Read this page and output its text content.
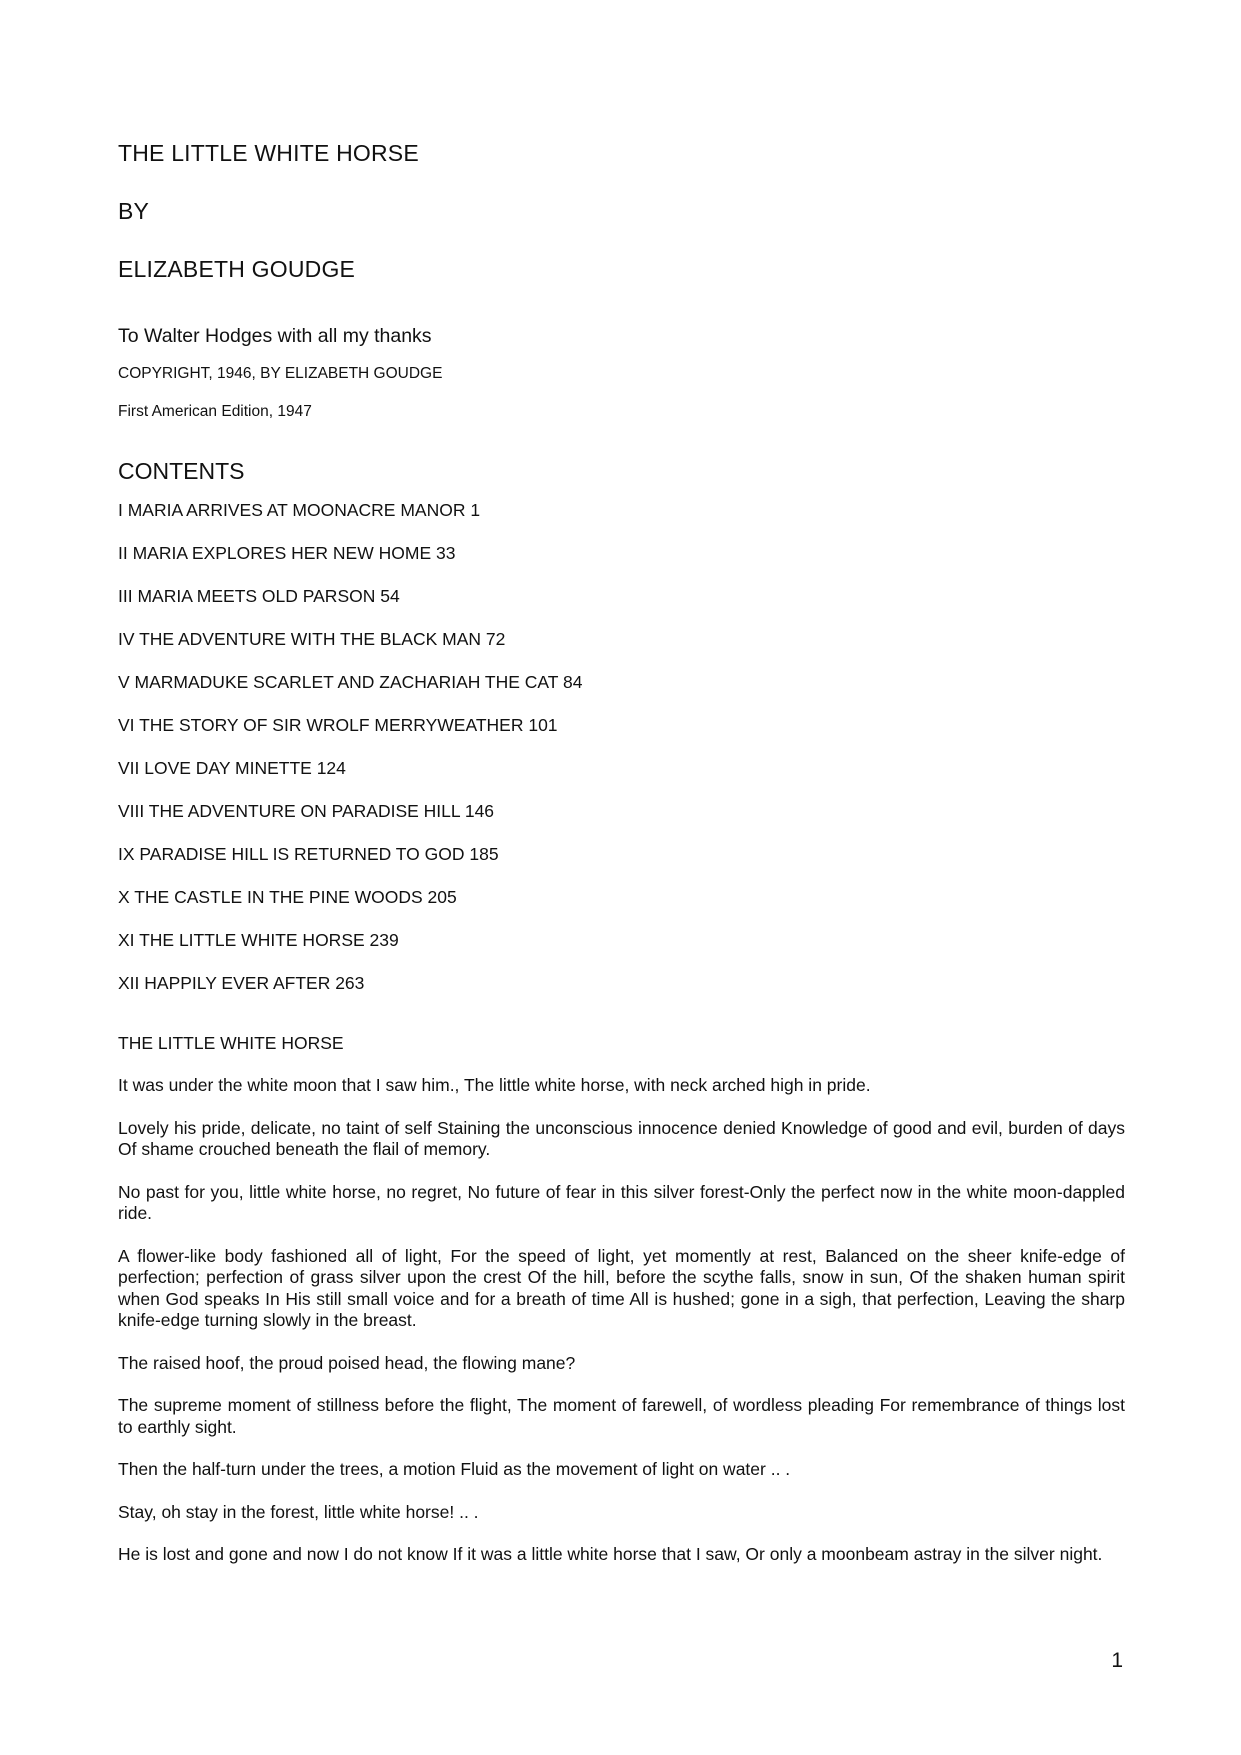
THE LITTLE WHITE HORSE
BY
ELIZABETH GOUDGE
To Walter Hodges with all my thanks
COPYRIGHT, 1946, BY ELIZABETH GOUDGE
First American Edition, 1947
CONTENTS
I MARIA ARRIVES AT MOONACRE MANOR 1
II MARIA EXPLORES HER NEW HOME 33
III MARIA MEETS OLD PARSON 54
IV THE ADVENTURE WITH THE BLACK MAN 72
V MARMADUKE SCARLET AND ZACHARIAH THE CAT 84
VI THE STORY OF SIR WROLF MERRYWEATHER 101
VII LOVE DAY MINETTE 124
VIII THE ADVENTURE ON PARADISE HILL 146
IX PARADISE HILL IS RETURNED TO GOD 185
X THE CASTLE IN THE PINE WOODS 205
XI THE LITTLE WHITE HORSE 239
XII HAPPILY EVER AFTER 263
THE LITTLE WHITE HORSE

It was under the white moon that I saw him., The little white horse, with neck arched high in pride.

Lovely his pride, delicate, no taint of self Staining the unconscious innocence denied Knowledge of good and evil, burden of days Of shame crouched beneath the flail of memory.

No past for you, little white horse, no regret, No future of fear in this silver forest-Only the perfect now in the white moon-dappled ride.

A flower-like body fashioned all of light, For the speed of light, yet momently at rest, Balanced on the sheer knife-edge of perfection; perfection of grass silver upon the crest Of the hill, before the scythe falls, snow in sun, Of the shaken human spirit when God speaks In His still small voice and for a breath of time All is hushed; gone in a sigh, that perfection, Leaving the sharp knife-edge turning slowly in the breast.

The raised hoof, the proud poised head, the flowing mane?

The supreme moment of stillness before the flight, The moment of farewell, of wordless pleading For remembrance of things lost to earthly sight.

Then the half-turn under the trees, a motion Fluid as the movement of light on water .. .

Stay, oh stay in the forest, little white horse! .. .

He is lost and gone and now I do not know If it was a little white horse that I saw, Or only a moonbeam astray in the silver night.

1
